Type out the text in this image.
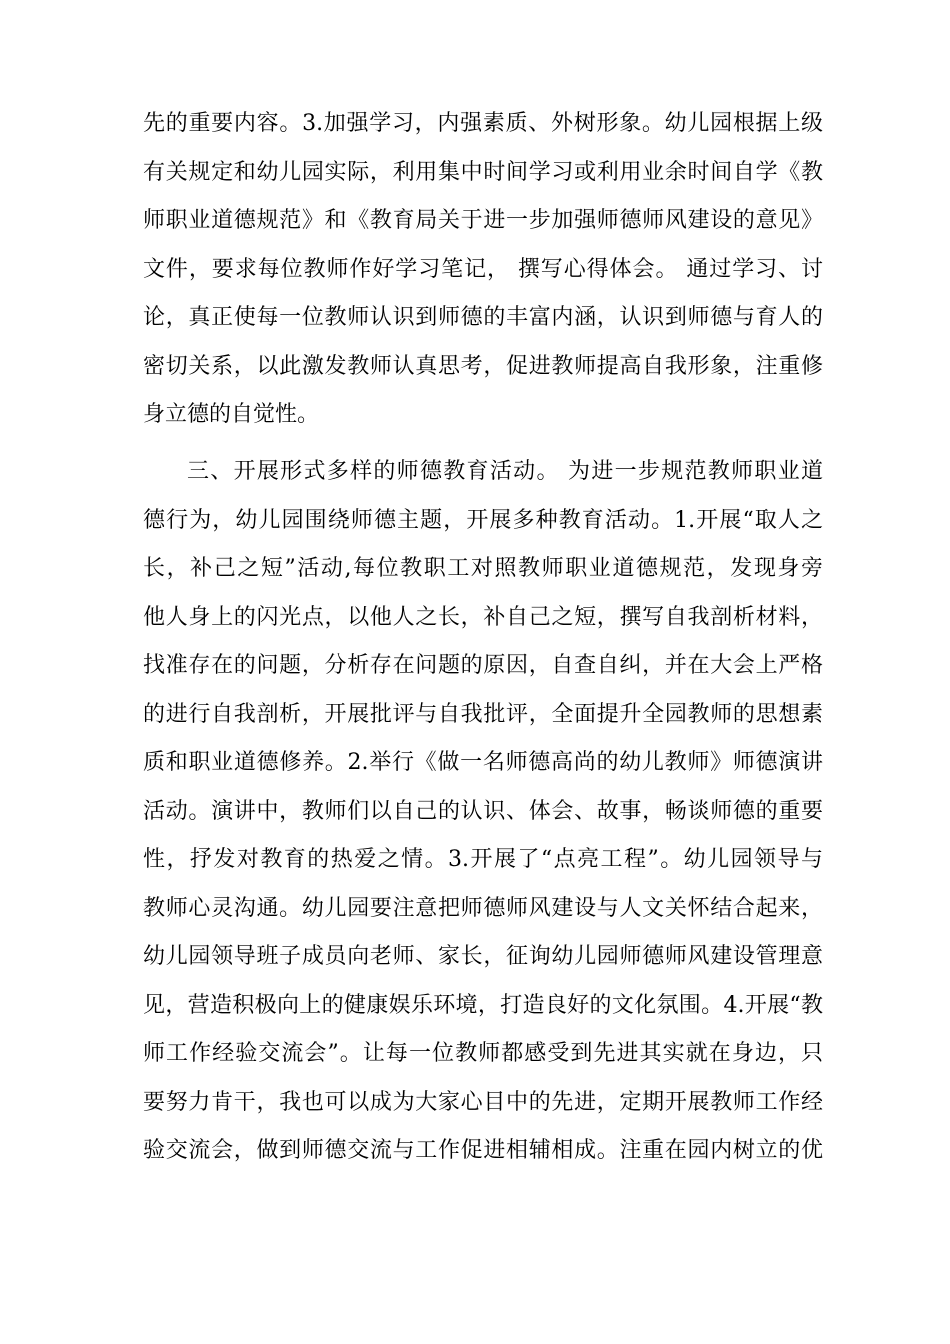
先的重要内容。3.加强学习，内强素质、外树形象。幼儿园根据上级
有关规定和幼儿园实际，利用集中时间学习或利用业余时间自学《教
师职业道德规范》和《教育局关于进一步加强师德师风建设的意见》
文件，要求每位教师作好学习笔记， 撰写心得体会。 通过学习、讨
论，真正使每一位教师认识到师德的丰富内涵，认识到师德与育人的
密切关系，以此激发教师认真思考，促进教师提高自我形象，注重修
身立德的自觉性。
三、开展形式多样的师德教育活动。 为进一步规范教师职业道
德行为，幼儿园围绕师德主题，开展多种教育活动。1.开展“取人之
长，补己之短”活动,每位教职工对照教师职业道德规范，发现身旁
他人身上的闪光点，以他人之长，补自己之短，撰写自我剖析材料，
找准存在的问题，分析存在问题的原因，自查自纠，并在大会上严格
的进行自我剖析，开展批评与自我批评，全面提升全园教师的思想素
质和职业道德修养。2.举行《做一名师德高尚的幼儿教师》师德演讲
活动。演讲中，教师们以自己的认识、体会、故事，畅谈师德的重要
性，抒发对教育的热爱之情。3.开展了“点亮工程”。幼儿园领导与
教师心灵沟通。幼儿园要注意把师德师风建设与人文关怀结合起来，
幼儿园领导班子成员向老师、家长，征询幼儿园师德师风建设管理意
见，营造积极向上的健康娱乐环境，打造良好的文化氛围。4.开展“教
师工作经验交流会”。让每一位教师都感受到先进其实就在身边，只
要努力肯干，我也可以成为大家心目中的先进，定期开展教师工作经
验交流会，做到师德交流与工作促进相辅相成。注重在园内树立的优
